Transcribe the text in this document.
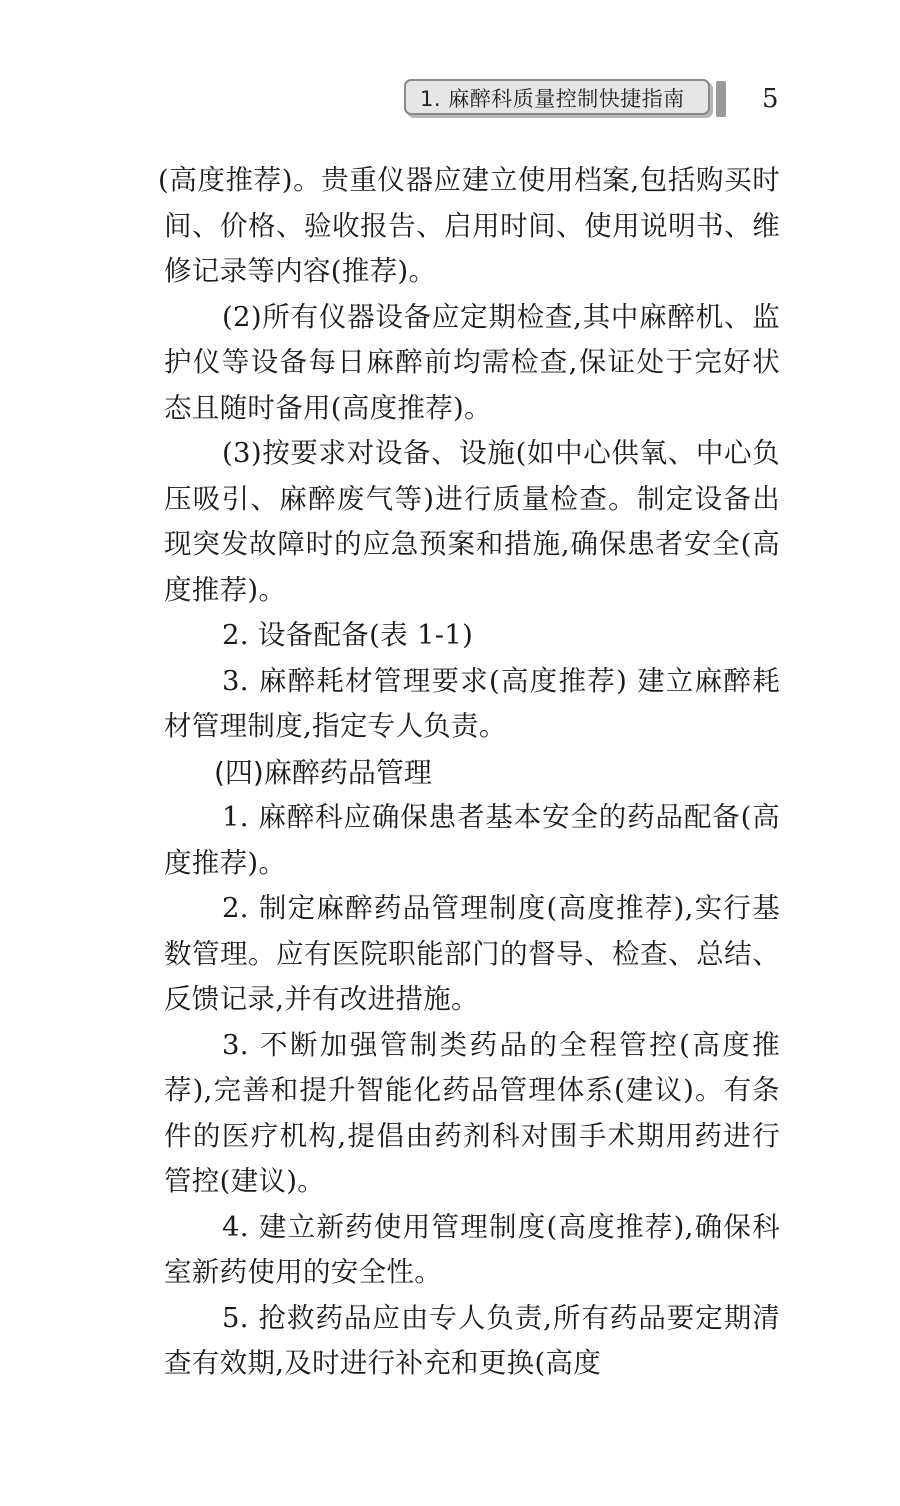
1. 麻醉科质量控制快捷指南	5

(高度推荐)。贵重仪器应建立使用档案,包括购买时间、价格、验收报告、启用时间、使用说明书、维修记录等内容(推荐)。

(2)所有仪器设备应定期检查,其中麻醉机、监护仪等设备每日麻醉前均需检查,保证处于完好状态且随时备用(高度推荐)。

(3)按要求对设备、设施(如中心供氧、中心负压吸引、麻醉废气等)进行质量检查。制定设备出现突发故障时的应急预案和措施,确保患者安全(高度推荐)。

2. 设备配备(表 1-1)

3. 麻醉耗材管理要求(高度推荐) 建立麻醉耗材管理制度,指定专人负责。

(四)麻醉药品管理

1. 麻醉科应确保患者基本安全的药品配备(高度推荐)。

2. 制定麻醉药品管理制度(高度推荐),实行基数管理。应有医院职能部门的督导、检查、总结、反馈记录,并有改进措施。

3. 不断加强管制类药品的全程管控(高度推荐),完善和提升智能化药品管理体系(建议)。有条件的医疗机构,提倡由药剂科对围手术期用药进行管控(建议)。

4. 建立新药使用管理制度(高度推荐),确保科室新药使用的安全性。

5. 抢救药品应由专人负责,所有药品要定期清查有效期,及时进行补充和更换(高度
